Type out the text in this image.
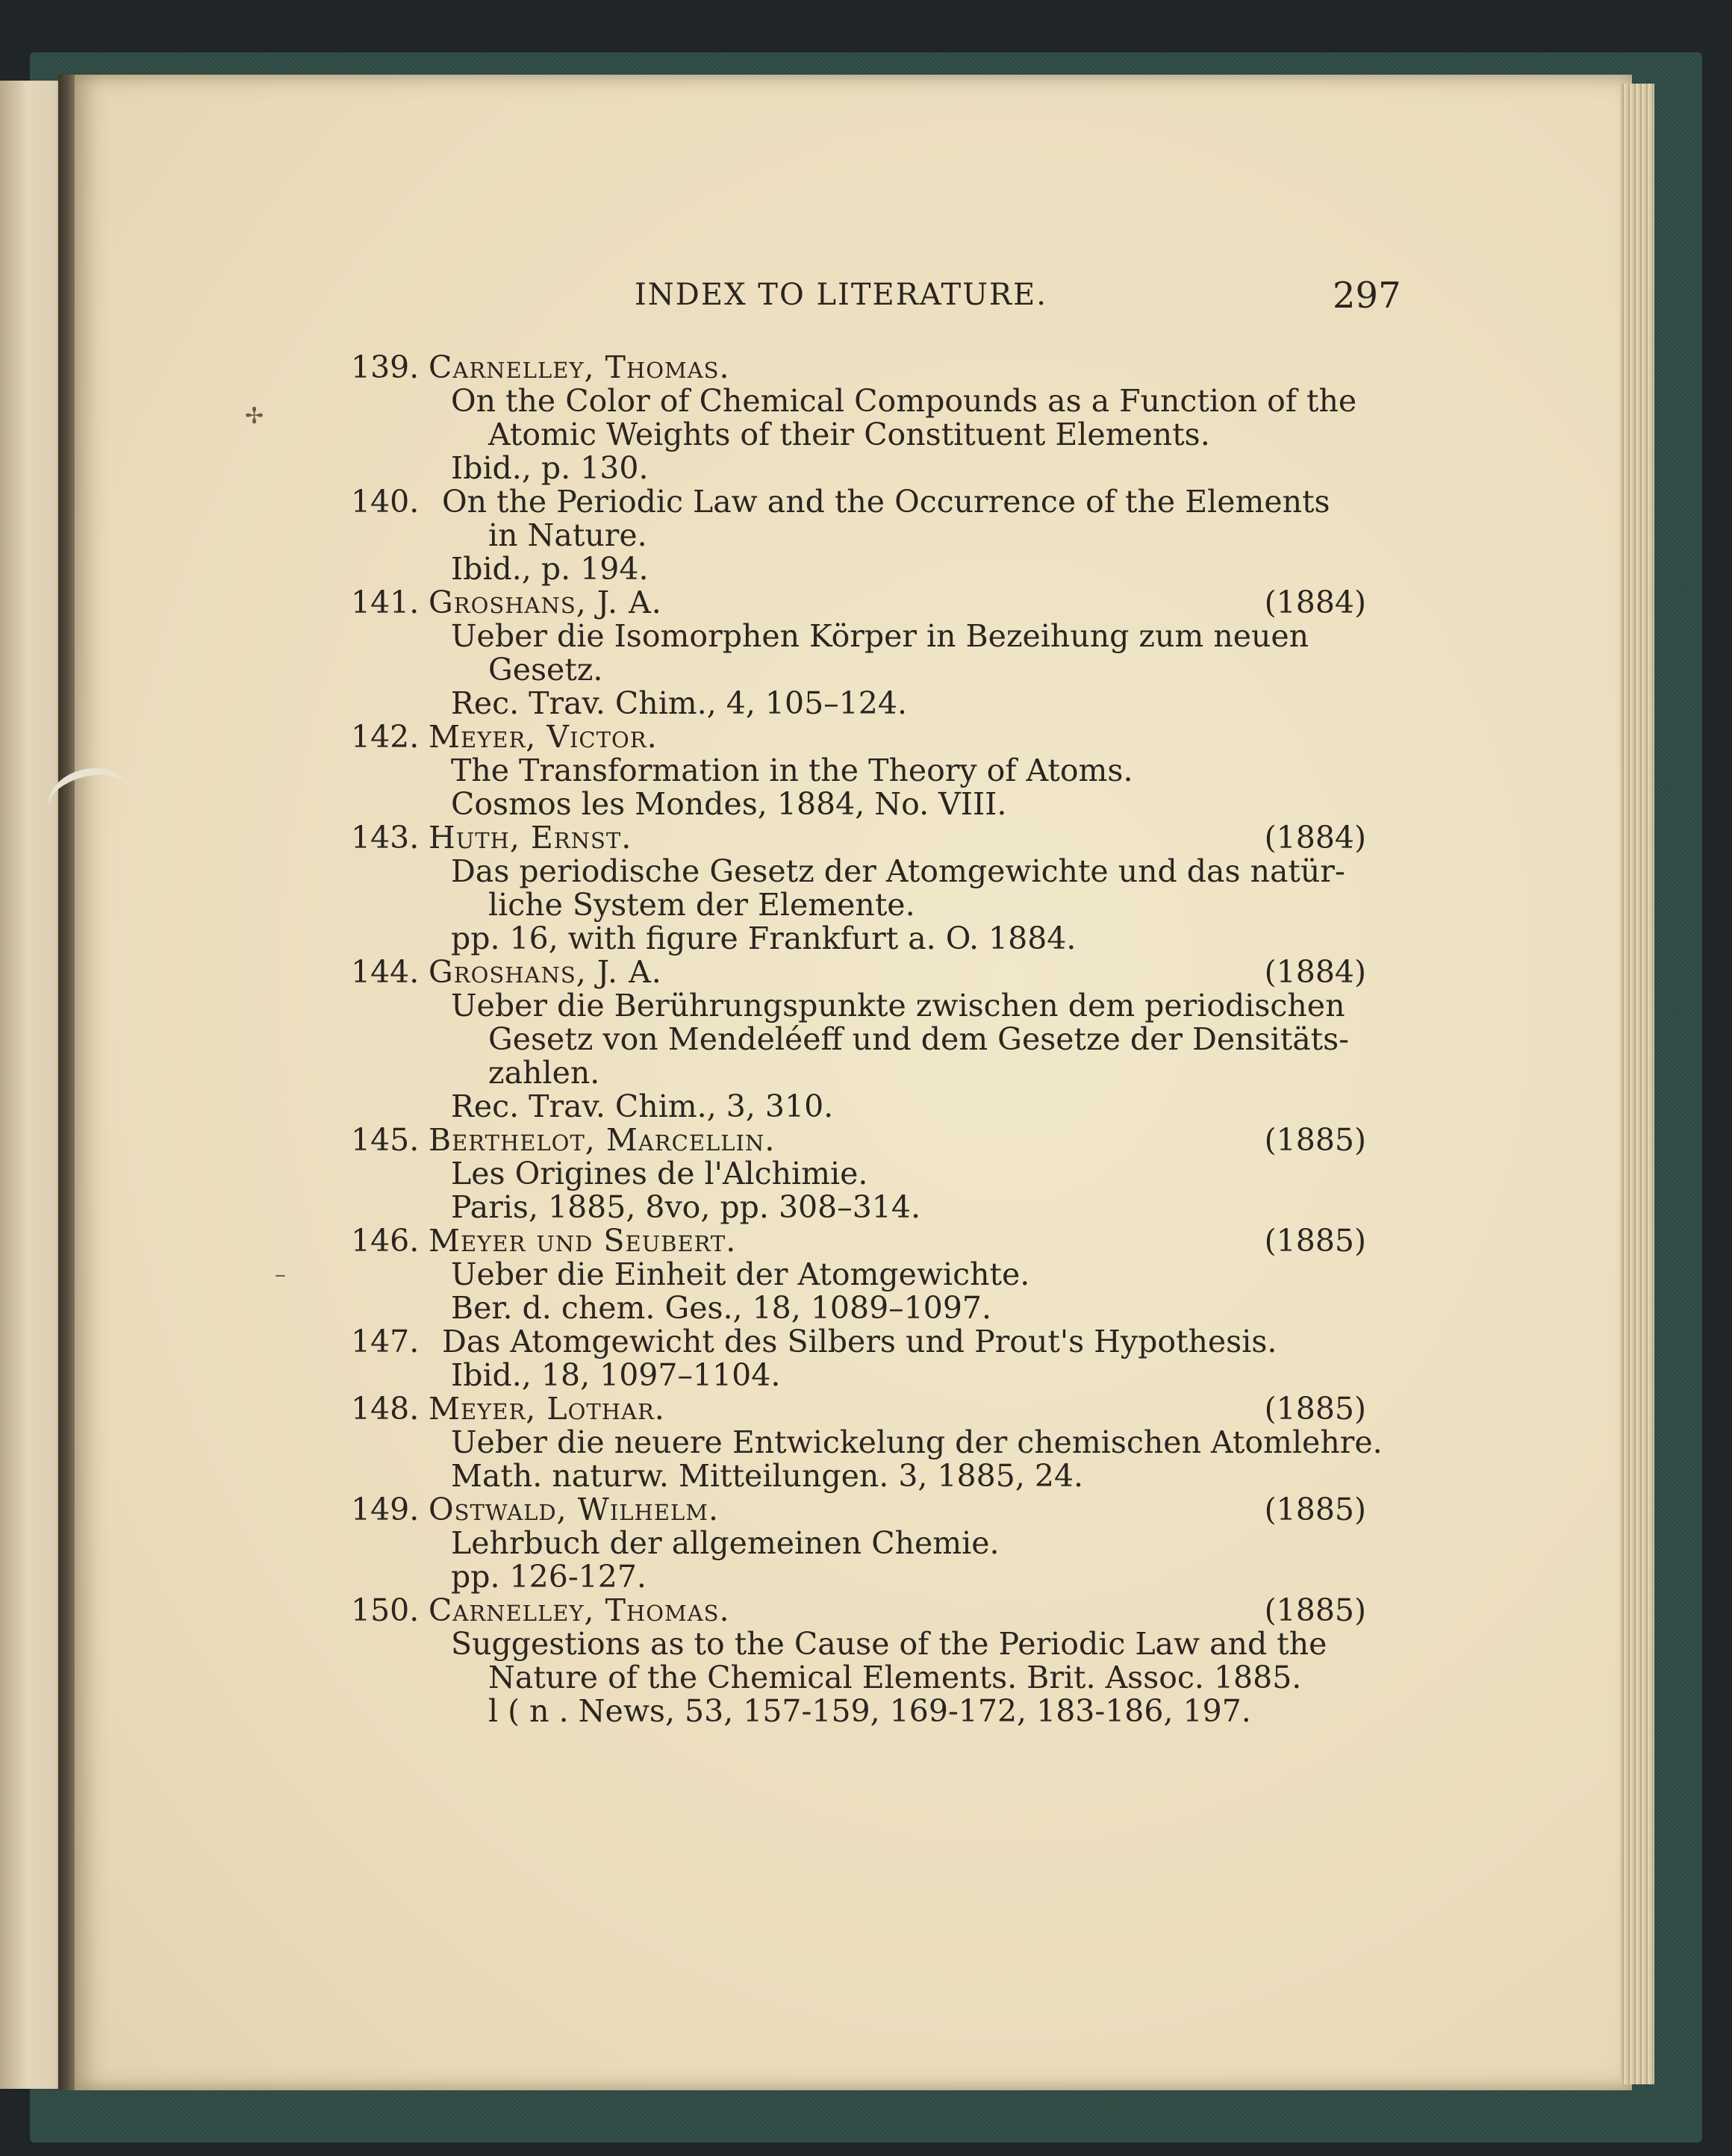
✢
–
INDEX TO LITERATURE.	297
139. Carnelley, Thomas.
On the Color of Chemical Compounds as a Function of the
Atomic Weights of their Constituent Elements.
Ibid., p. 130.
140. On the Periodic Law and the Occurrence of the Elements
in Nature.
Ibid., p. 194.
141. Groshans, J. A.	(1884)
Ueber die Isomorphen Körper in Bezeihung zum neuen
Gesetz.
Rec. Trav. Chim., 4, 105–124.
142. Meyer, Victor.
The Transformation in the Theory of Atoms.
Cosmos les Mondes, 1884, No. VIII.
143. Huth, Ernst.	(1884)
Das periodische Gesetz der Atomgewichte und das natür-
liche System der Elemente.
pp. 16, with figure Frankfurt a. O. 1884.
144. Groshans, J. A.	(1884)
Ueber die Berührungspunkte zwischen dem periodischen
Gesetz von Mendeléeff und dem Gesetze der Densitäts-
zahlen.
Rec. Trav. Chim., 3, 310.
145. Berthelot, Marcellin.	(1885)
Les Origines de l'Alchimie.
Paris, 1885, 8vo, pp. 308–314.
146. Meyer und Seubert.	(1885)
Ueber die Einheit der Atomgewichte.
Ber. d. chem. Ges., 18, 1089–1097.
147. Das Atomgewicht des Silbers und Prout's Hypothesis.
Ibid., 18, 1097–1104.
148. Meyer, Lothar.	(1885)
Ueber die neuere Entwickelung der chemischen Atomlehre.
Math. naturw. Mitteilungen. 3, 1885, 24.
149. Ostwald, Wilhelm.	(1885)
Lehrbuch der allgemeinen Chemie.
pp. 126-127.
150. Carnelley, Thomas.	(1885)
Suggestions as to the Cause of the Periodic Law and the
Nature of the Chemical Elements. Brit. Assoc. 1885.
l ( n . News, 53, 157-159, 169-172, 183-186, 197.
